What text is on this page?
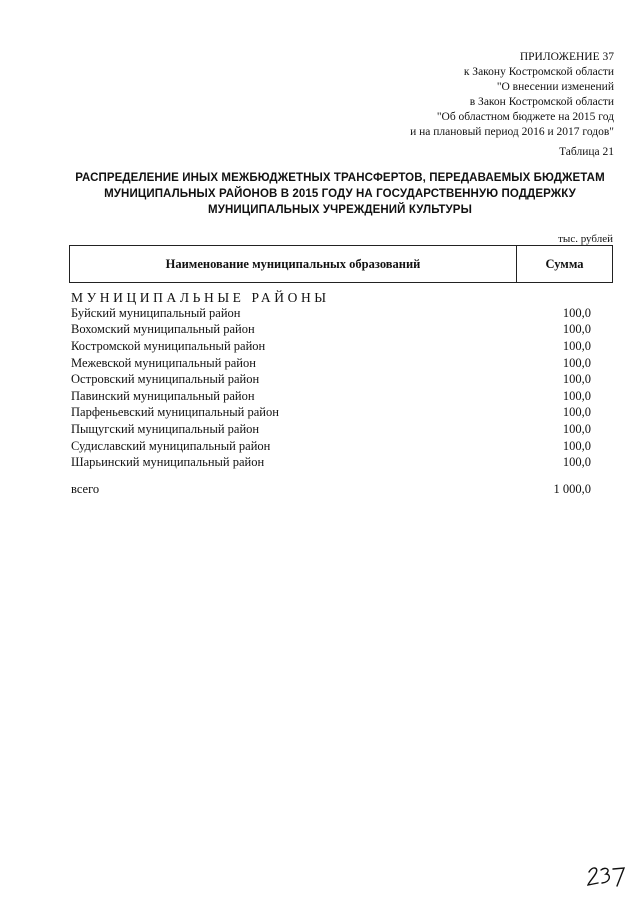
ПРИЛОЖЕНИЕ 37
к Закону Костромской области
"О внесении изменений
в Закон Костромской области
"Об областном бюджете на 2015 год
и на плановый период 2016 и 2017 годов"
Таблица 21
РАСПРЕДЕЛЕНИЕ ИНЫХ МЕЖБЮДЖЕТНЫХ ТРАНСФЕРТОВ, ПЕРЕДАВАЕМЫХ БЮДЖЕТАМ
МУНИЦИПАЛЬНЫХ РАЙОНОВ В 2015 ГОДУ НА ГОСУДАРСТВЕННУЮ ПОДДЕРЖКУ
МУНИЦИПАЛЬНЫХ УЧРЕЖДЕНИЙ КУЛЬТУРЫ
тыс. рублей
Наименование муниципальных образований	Сумма
МУНИЦИПАЛЬНЫЕ РАЙОНЫ
Буйский муниципальный район	100,0
Вохомский муниципальный район	100,0
Костромской муниципальный район	100,0
Межевской муниципальный район	100,0
Островский муниципальный район	100,0
Павинский муниципальный район	100,0
Парфеньевский муниципальный район	100,0
Пыщугский муниципальный район	100,0
Судиславский муниципальный район	100,0
Шарьинский муниципальный район	100,0
всего	1 000,0
